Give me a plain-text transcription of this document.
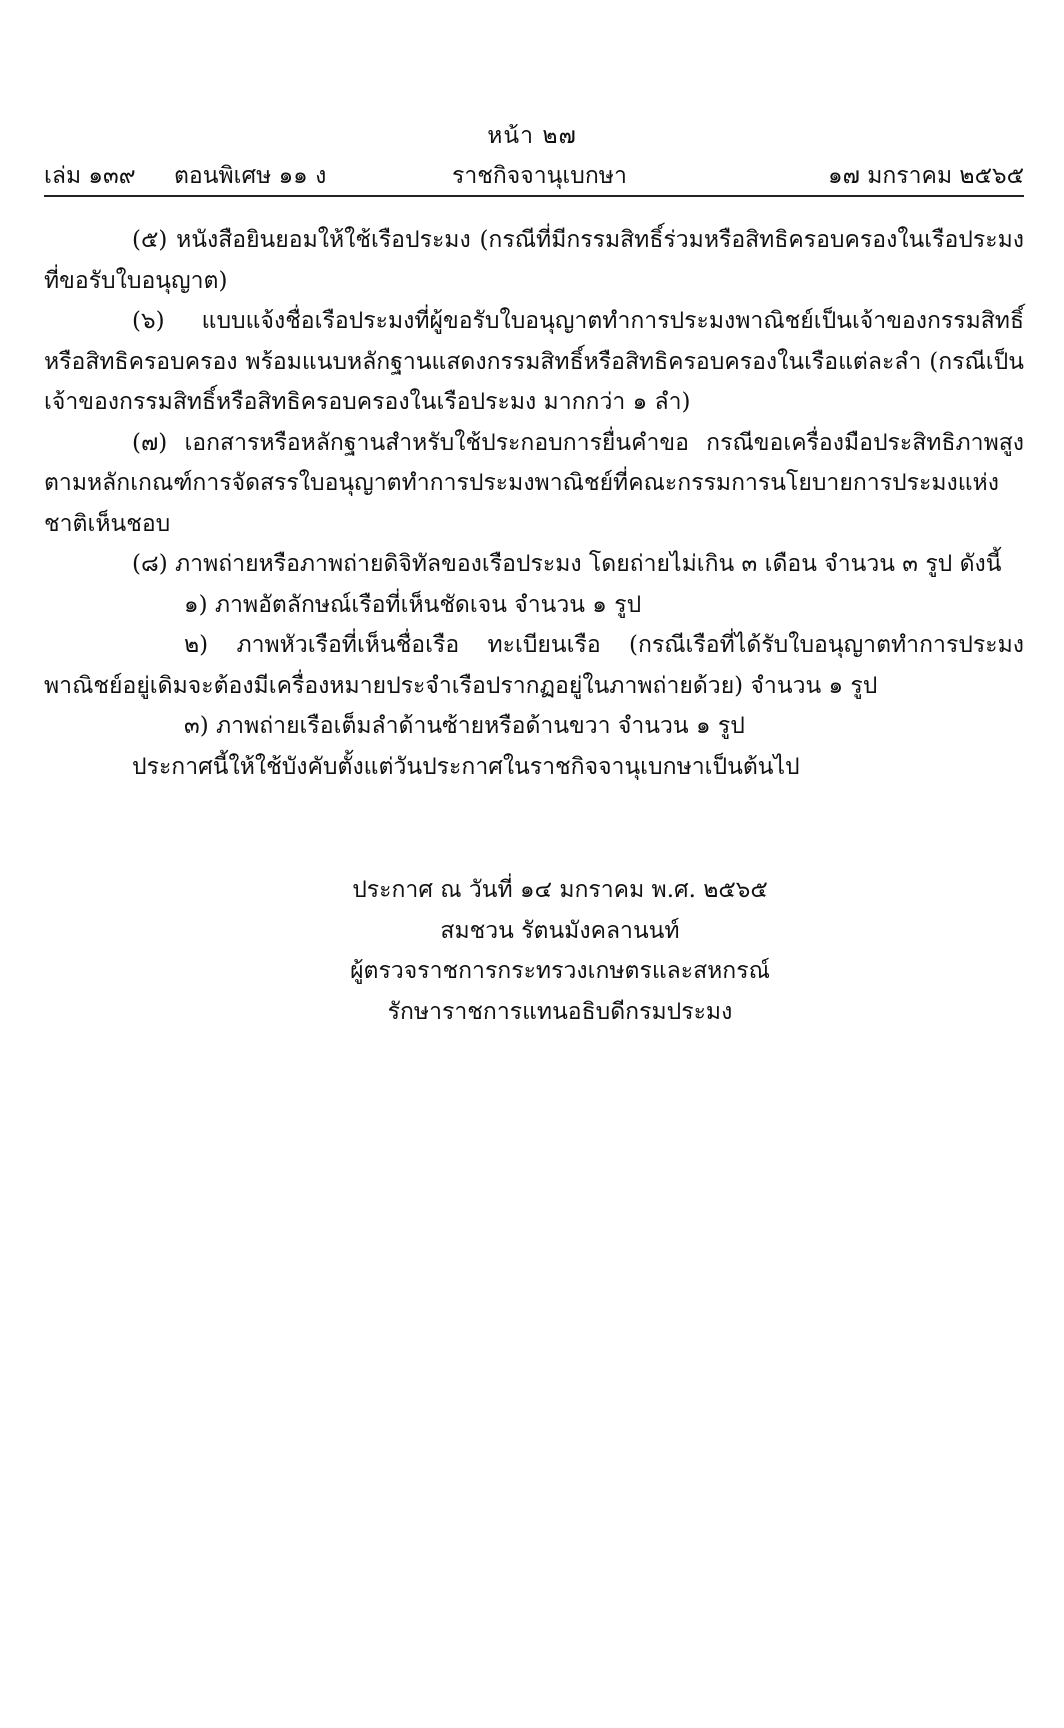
หน้า ๒๗
เล่ม ๑๓๙ ตอนพิเศษ ๑๑ ง	ราชกิจจานุเบกษา	๑๗ มกราคม ๒๕๖๕

(๕) หนังสือยินยอมให้ใช้เรือประมง (กรณีที่มีกรรมสิทธิ์ร่วมหรือสิทธิครอบครองในเรือประมงที่ขอรับใบอนุญาต)

(๖) แบบแจ้งชื่อเรือประมงที่ผู้ขอรับใบอนุญาตทำการประมงพาณิชย์เป็นเจ้าของกรรมสิทธิ์หรือสิทธิครอบครอง พร้อมแนบหลักฐานแสดงกรรมสิทธิ์หรือสิทธิครอบครองในเรือแต่ละลำ (กรณีเป็นเจ้าของกรรมสิทธิ์หรือสิทธิครอบครองในเรือประมง มากกว่า ๑ ลำ)

(๗) เอกสารหรือหลักฐานสำหรับใช้ประกอบการยื่นคำขอ กรณีขอเครื่องมือประสิทธิภาพสูงตามหลักเกณฑ์การจัดสรรใบอนุญาตทำการประมงพาณิชย์ที่คณะกรรมการนโยบายการประมงแห่งชาติเห็นชอบ

(๘) ภาพถ่ายหรือภาพถ่ายดิจิทัลของเรือประมง โดยถ่ายไม่เกิน ๓ เดือน จำนวน ๓ รูป ดังนี้

๑) ภาพอัตลักษณ์เรือที่เห็นชัดเจน จำนวน ๑ รูป

๒) ภาพหัวเรือที่เห็นชื่อเรือ ทะเบียนเรือ (กรณีเรือที่ได้รับใบอนุญาตทำการประมงพาณิชย์อยู่เดิมจะต้องมีเครื่องหมายประจำเรือปรากฏอยู่ในภาพถ่ายด้วย) จำนวน ๑ รูป

๓) ภาพถ่ายเรือเต็มลำด้านซ้ายหรือด้านขวา จำนวน ๑ รูป

ประกาศนี้ให้ใช้บังคับตั้งแต่วันประกาศในราชกิจจานุเบกษาเป็นต้นไป

ประกาศ ณ วันที่ ๑๔ มกราคม พ.ศ. ๒๕๖๕
สมชวน รัตนมังคลานนท์
ผู้ตรวจราชการกระทรวงเกษตรและสหกรณ์
รักษาราชการแทนอธิบดีกรมประมง
